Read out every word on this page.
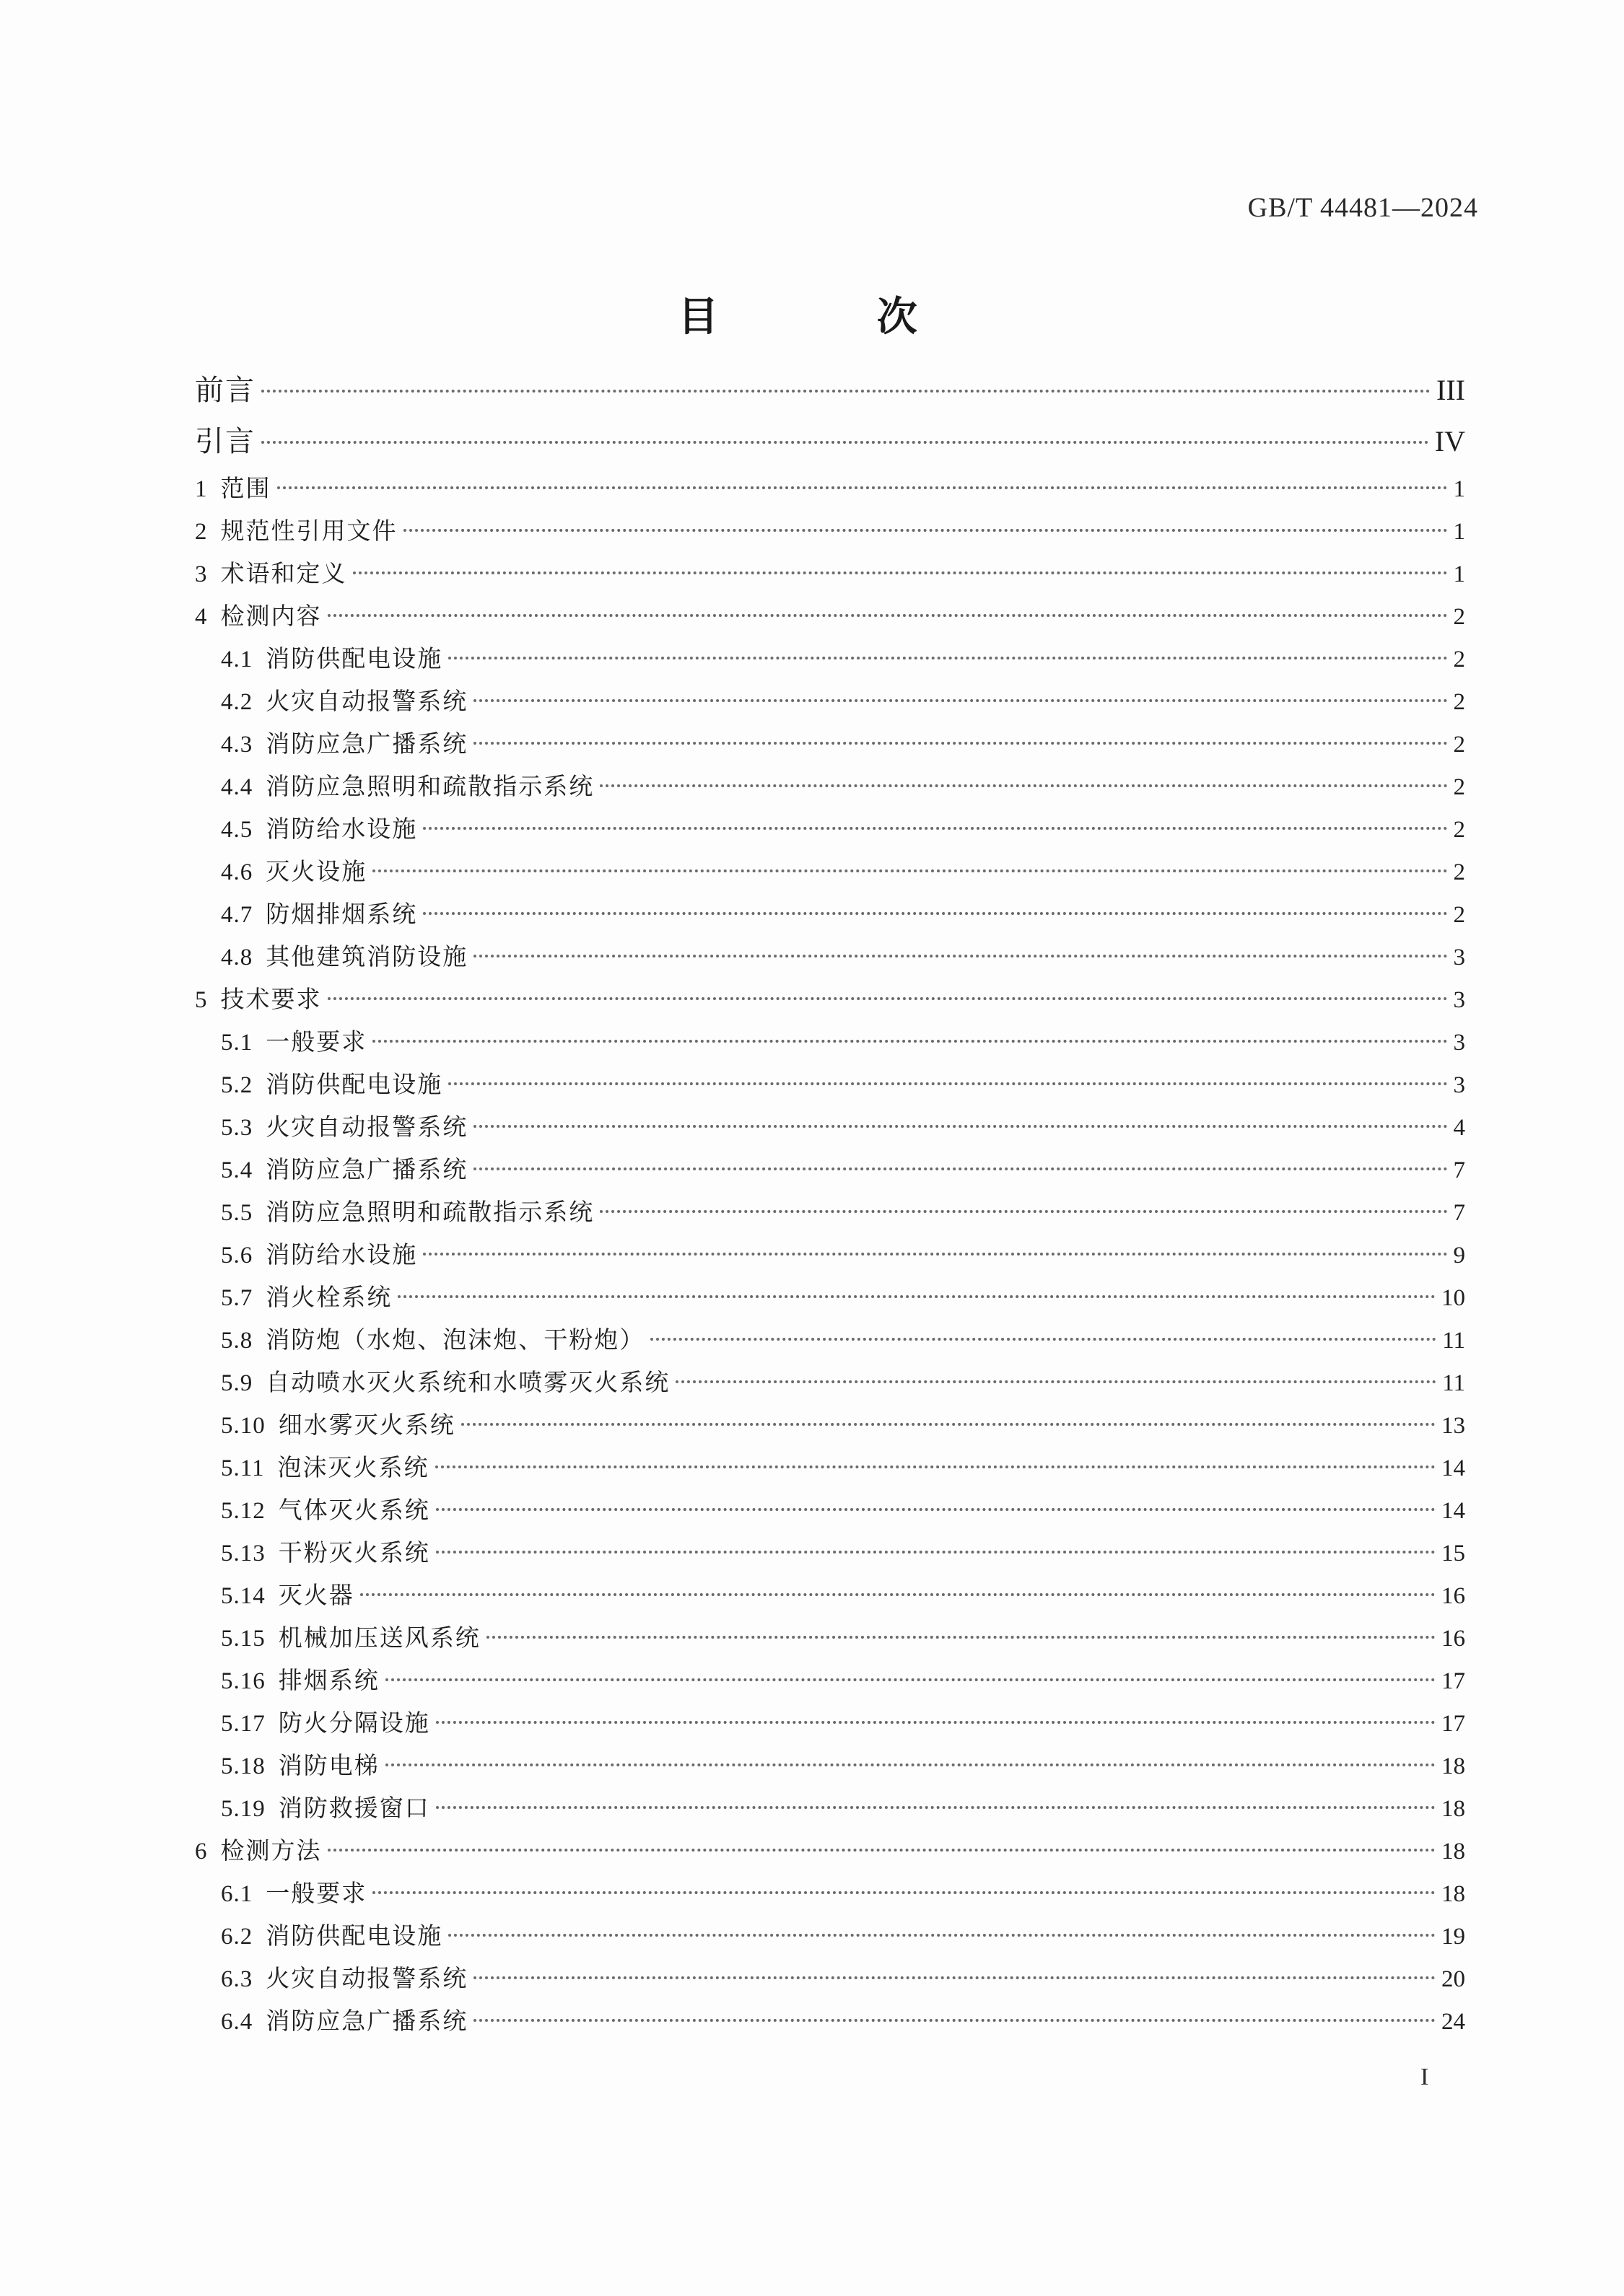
GB/T 44481—2024
目 次
前言	III
引言	IV
1 范围	1
2 规范性引用文件	1
3 术语和定义	1
4 检测内容	2
4.1 消防供配电设施	2
4.2 火灾自动报警系统	2
4.3 消防应急广播系统	2
4.4 消防应急照明和疏散指示系统	2
4.5 消防给水设施	2
4.6 灭火设施	2
4.7 防烟排烟系统	2
4.8 其他建筑消防设施	3
5 技术要求	3
5.1 一般要求	3
5.2 消防供配电设施	3
5.3 火灾自动报警系统	4
5.4 消防应急广播系统	7
5.5 消防应急照明和疏散指示系统	7
5.6 消防给水设施	9
5.7 消火栓系统	10
5.8 消防炮（水炮、泡沫炮、干粉炮）	11
5.9 自动喷水灭火系统和水喷雾灭火系统	11
5.10 细水雾灭火系统	13
5.11 泡沫灭火系统	14
5.12 气体灭火系统	14
5.13 干粉灭火系统	15
5.14 灭火器	16
5.15 机械加压送风系统	16
5.16 排烟系统	17
5.17 防火分隔设施	17
5.18 消防电梯	18
5.19 消防救援窗口	18
6 检测方法	18
6.1 一般要求	18
6.2 消防供配电设施	19
6.3 火灾自动报警系统	20
6.4 消防应急广播系统	24
I
